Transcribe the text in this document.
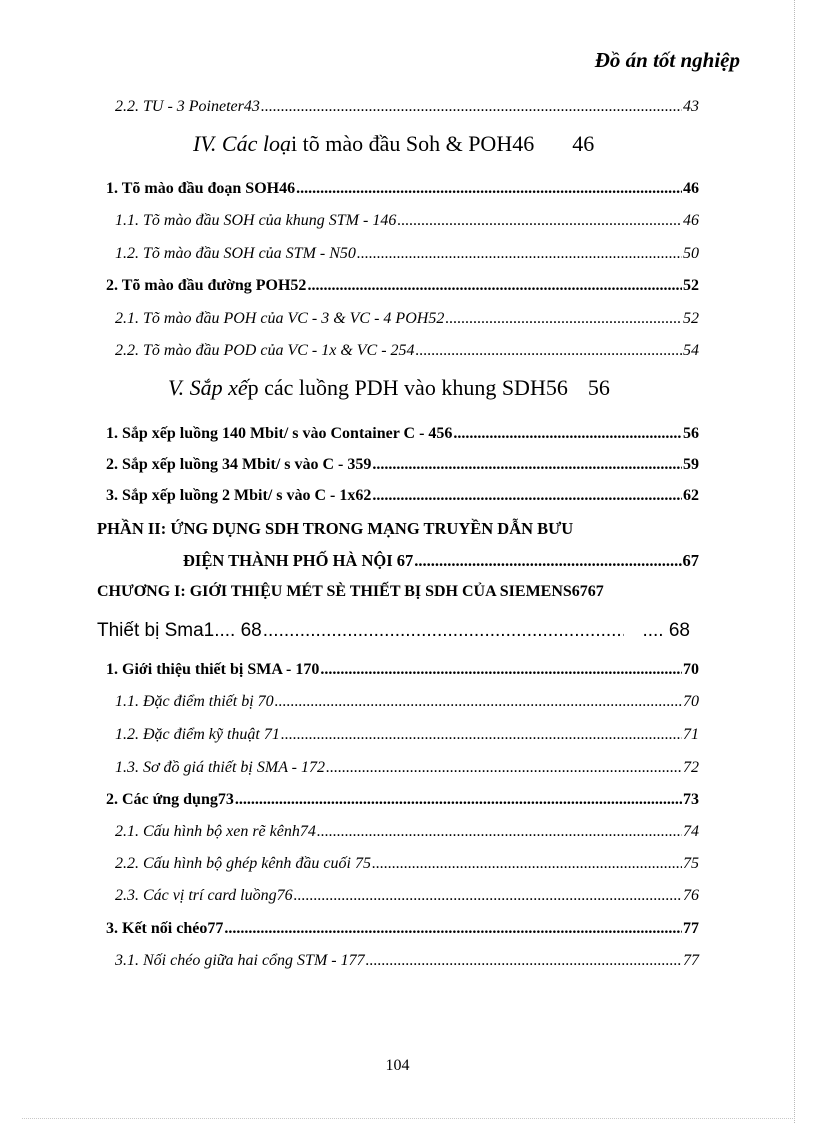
Đồ án tốt nghiệp
2.2. TU - 3 Poineter43 .....	43
IV. Các loại tõ mào đầu Soh & POH46 46
1. Tõ mào đầu đoạn SOH46 .....	46
1.1. Tõ mào đầu SOH của khung STM - 146 .....	46
1.2. Tõ mào đầu SOH của STM - N50 .....	50
2. Tõ mào đầu đường POH52 .....	52
2.1. Tõ mào đầu POH của VC - 3 & VC - 4 POH52 .....	52
2.2. Tõ mào đầu POD của VC - 1x & VC - 254 .....	54
V. Sắp xếp các luồng PDH vào khung SDH56 56
1. Sắp xếp luồng 140 Mbit/ s vào Container C - 456 .....	56
2. Sắp xếp luồng 34 Mbit/ s vào C - 359 .....	59
3. Sắp xếp luồng 2 Mbit/ s vào C - 1x62 .....	62
PHẦN II: ỨNG DỤNG SDH TRONG MẠNG TRUYỀN DẪN BƯU
ĐIỆN THÀNH PHỐ HÀ NỘI 67 .....	67
CHƯƠNG I: GIỚI THIỆU MÉT SÈ THIẾT BỊ SDH CỦA SIEMENS6767
Thiết bị Sma1.... 68 .....	.... 68
1. Giới thiệu thiết bị SMA - 170 .....	70
1.1. Đặc điểm thiết bị 70 .....	70
1.2. Đặc điểm kỹ thuật 71 .....	71
1.3. Sơ đồ giá thiết bị SMA - 172 .....	72
2. Các ứng dụng73 .....	73
2.1. Cấu hình bộ xen rẽ kênh74 .....	74
2.2. Cấu hình bộ ghép kênh đầu cuối 75 .....	75
2.3. Các vị trí card luồng76 .....	76
3. Kết nối chéo77 .....	77
3.1. Nối chéo giữa hai cổng STM - 177 .....	77
104
